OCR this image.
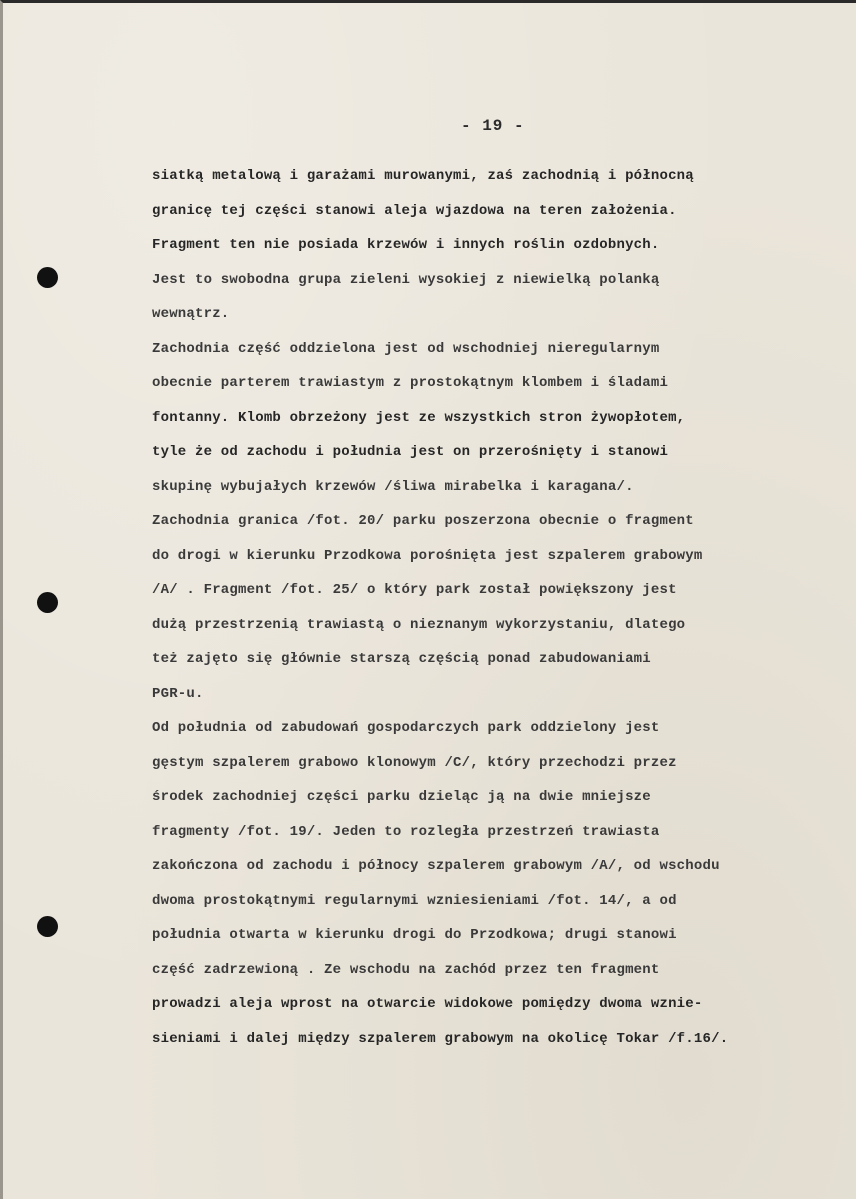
- 19 -
siatką metalową i garażami murowanymi, zaś zachodnią i północną
granicę tej części stanowi aleja wjazdowa na teren założenia.
Fragment ten nie posiada krzewów i innych roślin ozdobnych.
Jest to swobodna grupa zieleni wysokiej z niewielką polanką
wewnątrz.
Zachodnia część oddzielona jest od wschodniej nieregularnym
obecnie parterem trawiastym z prostokątnym klombem i śladami
fontanny. Klomb obrzeżony jest ze wszystkich stron żywopłotem,
tyle że od zachodu i południa jest on przerośnięty i stanowi
skupinę wybujałych krzewów /śliwa mirabelka i karagana/.
Zachodnia granica /fot. 20/ parku poszerzona obecnie o fragment
do drogi w kierunku Przodkowa porośnięta jest szpalerem grabowym
/A/ . Fragment /fot. 25/ o który park został powiększony jest
dużą przestrzenią trawiastą o nieznanym wykorzystaniu, dlatego
też zajęto się głównie starszą częścią ponad zabudowaniami
PGR-u.
Od południa od zabudowań gospodarczych park oddzielony jest
gęstym szpalerem grabowo klonowym /C/, który przechodzi przez
środek zachodniej części parku dzieląc ją na dwie mniejsze
fragmenty /fot. 19/. Jeden to rozległa przestrzeń trawiasta
zakończona od zachodu i północy szpalerem grabowym /A/, od wschodu
dwoma prostokątnymi regularnymi wzniesieniami /fot. 14/, a od
południa otwarta w kierunku drogi do Przodkowa; drugi stanowi
część zadrzewioną . Ze wschodu na zachód przez ten fragment
prowadzi aleja wprost na otwarcie widokowe pomiędzy dwoma wznie-
sieniami i dalej między szpalerem grabowym na okolicę Tokar /f.16/.
